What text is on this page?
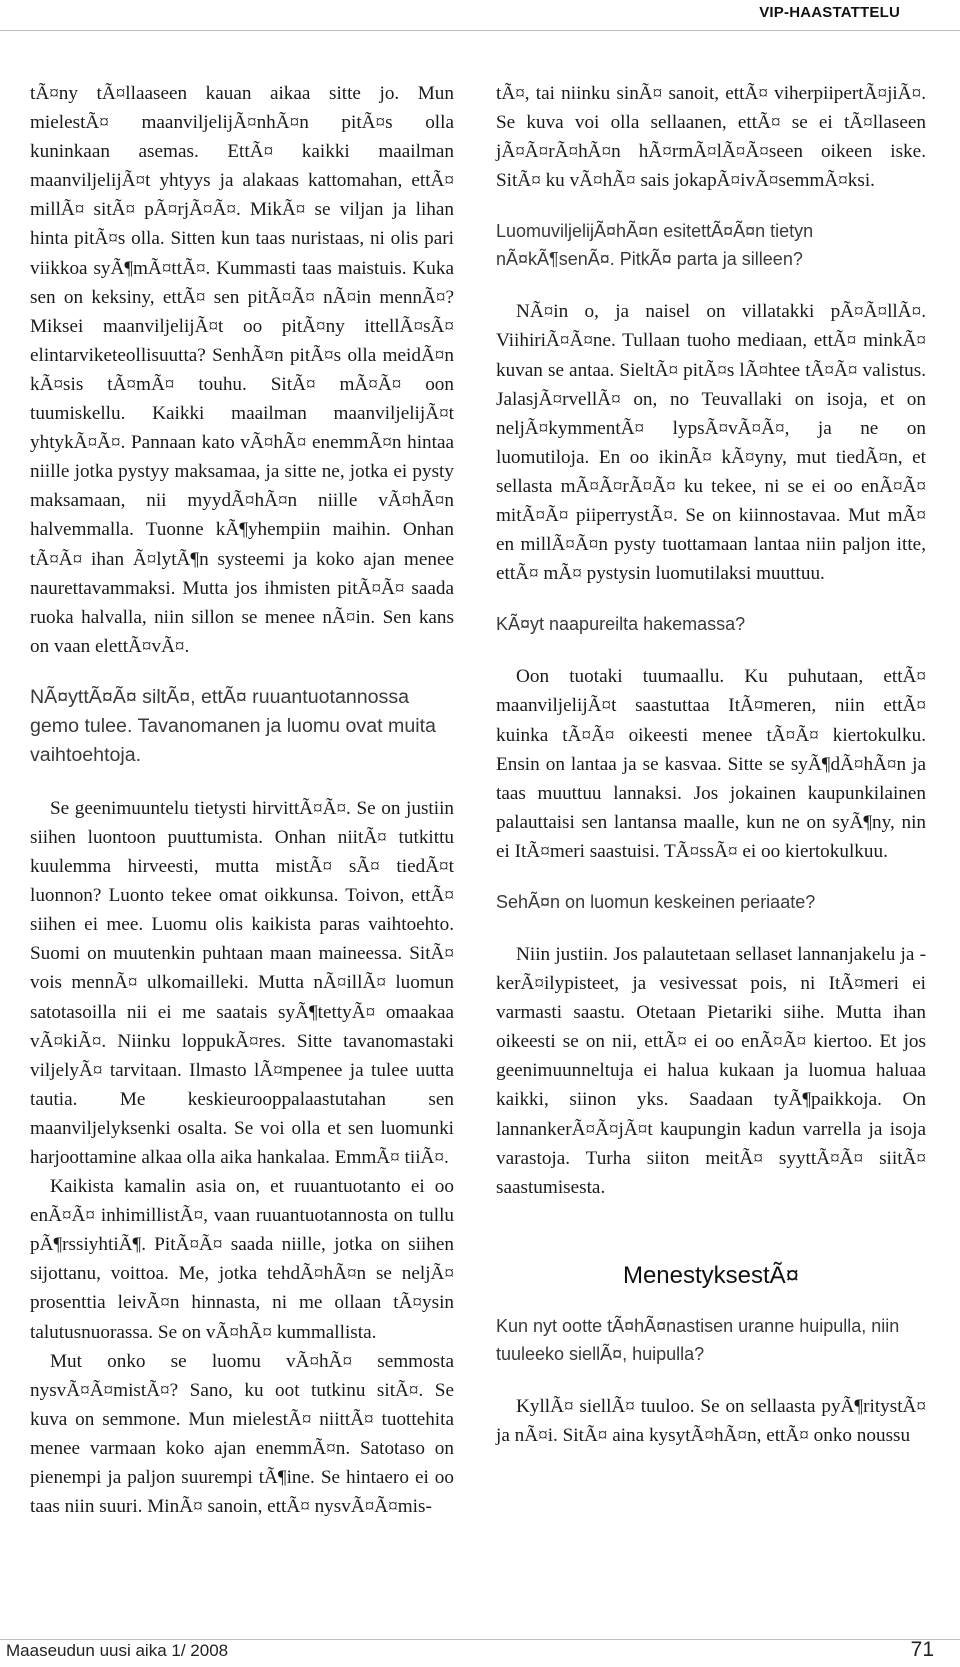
VIP-HAASTATTELU

tÃ¤ny tÃ¤llaaseen kauan aikaa sitte jo. Mun mielestÃ¤ maanviljelijÃ¤nhÃ¤n pitÃ¤s olla kuninkaan asemas. EttÃ¤ kaikki maailman maanviljelijÃ¤t yhtyys ja alakaas kattomahan, ettÃ¤ millÃ¤ sitÃ¤ pÃ¤rjÃ¤Ã¤. MikÃ¤ se viljan ja lihan hinta pitÃ¤s olla. Sitten kun taas nuristaas, ni olis pari viikkoa syÃ¶mÃ¤ttÃ¤. Kummasti taas maistuis. Kuka sen on keksiny, ettÃ¤ sen pitÃ¤Ã¤ nÃ¤in mennÃ¤? Miksei maanviljelijÃ¤t oo pitÃ¤ny ittellÃ¤sÃ¤ elintarviketeollisuutta? SenhÃ¤n pitÃ¤s olla meidÃ¤n kÃ¤sis tÃ¤mÃ¤ touhu. SitÃ¤ mÃ¤Ã¤ oon tuumiskellu. Kaikki maailman maanviljelijÃ¤t yhtykÃ¤Ã¤. Pannaan kato vÃ¤hÃ¤ enemmÃ¤n hintaa niille jotka pystyy maksamaa, ja sitte ne, jotka ei pysty maksamaan, nii myydÃ¤hÃ¤n niille vÃ¤hÃ¤n halvemmalla. Tuonne kÃ¶yhempiin maihin. Onhan tÃ¤Ã¤ ihan Ã¤lytÃ¶n systeemi ja koko ajan menee naurettavammaksi. Mutta jos ihmisten pitÃ¤Ã¤ saada ruoka halvalla, niin sillon se menee nÃ¤in. Sen kans on vaan elettÃ¤vÃ¤.

NÃ¤yttÃ¤Ã¤ siltÃ¤, ettÃ¤ ruuantuotannossa gemo tulee. Tavanomanen ja luomu ovat muita vaihtoehtoja.

Se geenimuuntelu tietysti hirvittÃ¤Ã¤. Se on justiin siihen luontoon puuttumista. Onhan niitÃ¤ tutkittu kuulemma hirveesti, mutta mistÃ¤ sÃ¤ tiedÃ¤t luonnon? Luonto tekee omat oikkunsa. Toivon, ettÃ¤ siihen ei mee. Luomu olis kaikista paras vaihtoehto. Suomi on muutenkin puhtaan maan maineessa. SitÃ¤ vois mennÃ¤ ulkomailleki. Mutta nÃ¤illÃ¤ luomun satotasoilla nii ei me saatais syÃ¶tettyÃ¤ omaakaa vÃ¤kiÃ¤. Niinku loppukÃ¤res. Sitte tavanomastaki viljelyÃ¤ tarvitaan. Ilmasto lÃ¤mpenee ja tulee uutta tautia. Me keskieurooppalaastutahan sen maanviljelyksenki osalta. Se voi olla et sen luomunki harjoottamine alkaa olla aika hankalaa. EmmÃ¤ tiiÃ¤.

Kaikista kamalin asia on, et ruuantuotanto ei oo enÃ¤Ã¤ inhimillistÃ¤, vaan ruuantuotannosta on tullu pÃ¶rssiyhtiÃ¶. PitÃ¤Ã¤ saada niille, jotka on siihen sijottanu, voittoa. Me, jotka tehdÃ¤hÃ¤n se neljÃ¤ prosenttia leivÃ¤n hinnasta, ni me ollaan tÃ¤ysin talutusnuorassa. Se on vÃ¤hÃ¤ kummallista.

Mut onko se luomu vÃ¤hÃ¤ semmosta nysvÃ¤Ã¤mistÃ¤? Sano, ku oot tutkinu sitÃ¤. Se kuva on semmone. Mun mielestÃ¤ niittÃ¤ tuottehita menee varmaan koko ajan enemmÃ¤n. Satotaso on pienempi ja paljon suurempi tÃ¶ine. Se hintaero ei oo taas niin suuri. MinÃ¤ sanoin, ettÃ¤ nysvÃ¤Ã¤mis-

tÃ¤, tai niinku sinÃ¤ sanoit, ettÃ¤ viherpiipertÃ¤jiÃ¤. Se kuva voi olla sellaanen, ettÃ¤ se ei tÃ¤llaseen jÃ¤Ã¤rÃ¤hÃ¤n hÃ¤rmÃ¤lÃ¤Ã¤seen oikeen iske. SitÃ¤ ku vÃ¤hÃ¤ sais jokapÃ¤ivÃ¤semmÃ¤ksi.

LuomuviljelijÃ¤hÃ¤n esitettÃ¤Ã¤n tietyn nÃ¤kÃ¶senÃ¤. PitkÃ¤ parta ja silleen?

NÃ¤in o, ja naisel on villatakki pÃ¤Ã¤llÃ¤. ViihiriÃ¤Ã¤ne. Tullaan tuoho mediaan, ettÃ¤ minkÃ¤ kuvan se antaa. SieltÃ¤ pitÃ¤s lÃ¤htee tÃ¤Ã¤ valistus. JalasjÃ¤rvellÃ¤ on, no Teuvallaki on isoja, et on neljÃ¤kymmentÃ¤ lypsÃ¤vÃ¤Ã¤, ja ne on luomutiloja. En oo ikinÃ¤ kÃ¤yny, mut tiedÃ¤n, et sellasta mÃ¤Ã¤rÃ¤Ã¤ ku tekee, ni se ei oo enÃ¤Ã¤ mitÃ¤Ã¤ piiperrystÃ¤. Se on kiinnostavaa. Mut mÃ¤ en millÃ¤Ã¤n pysty tuottamaan lantaa niin paljon itte, ettÃ¤ mÃ¤ pystysin luomutilaksi muuttuu.

KÃ¤yt naapureilta hakemassa?

Oon tuotaki tuumaallu. Ku puhutaan, ettÃ¤ maanviljelijÃ¤t saastuttaa ItÃ¤meren, niin ettÃ¤ kuinka tÃ¤Ã¤ oikeesti menee tÃ¤Ã¤ kiertokulku. Ensin on lantaa ja se kasvaa. Sitte se syÃ¶dÃ¤hÃ¤n ja taas muuttuu lannaksi. Jos jokainen kaupunkilainen palauttaisi sen lantansa maalle, kun ne on syÃ¶ny, nin ei ItÃ¤meri saastuisi. TÃ¤ssÃ¤ ei oo kiertokulkuu.

SehÃ¤n on luomun keskeinen periaate?

Niin justiin. Jos palautetaan sellaset lannanjakelu ja -kerÃ¤ilypisteet, ja vesivessat pois, ni ItÃ¤meri ei varmasti saastu. Otetaan Pietariki siihe. Mutta ihan oikeesti se on nii, ettÃ¤ ei oo enÃ¤Ã¤ kiertoo. Et jos geenimuunneltuja ei halua kukaan ja luomua haluaa kaikki, siinon yks. Saadaan tyÃ¶paikkoja. On lannankerÃ¤Ã¤jÃ¤t kaupungin kadun varrella ja isoja varastoja. Turha siiton meitÃ¤ syyttÃ¤Ã¤ siitÃ¤ saastumisesta.

MenestyksestÃ¤

Kun nyt ootte tÃ¤hÃ¤nastisen uranne huipulla, niin tuuleeko siellÃ¤, huipulla?

KyllÃ¤ siellÃ¤ tuuloo. Se on sellaasta pyÃ¶ritystÃ¤ ja nÃ¤i. SitÃ¤ aina kysytÃ¤hÃ¤n, ettÃ¤ onko noussu

Maaseudun uusi aika 1/ 2008	71
